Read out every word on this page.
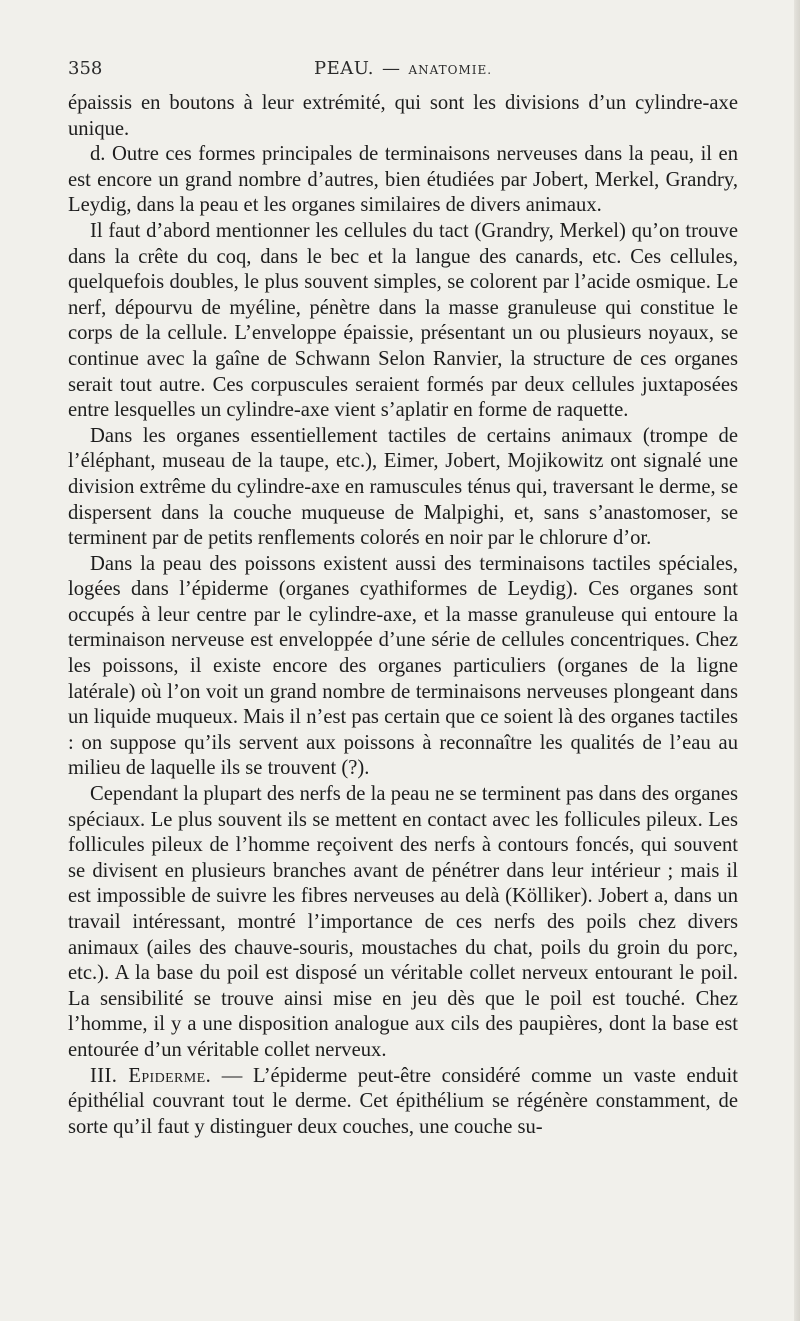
358	PEAU. — ANATOMIE.

épaissis en boutons à leur extrémité, qui sont les divisions d’un cylindre-axe unique.

d. Outre ces formes principales de terminaisons nerveuses dans la peau, il en est encore un grand nombre d’autres, bien étudiées par Jobert, Merkel, Grandry, Leydig, dans la peau et les organes similaires de divers animaux.

Il faut d’abord mentionner les cellules du tact (Grandry, Merkel) qu’on trouve dans la crête du coq, dans le bec et la langue des canards, etc. Ces cellules, quelquefois doubles, le plus souvent simples, se colorent par l’acide osmique. Le nerf, dépourvu de myéline, pénètre dans la masse granuleuse qui constitue le corps de la cellule. L’enveloppe épaissie, présentant un ou plusieurs noyaux, se continue avec la gaîne de Schwann Selon Ranvier, la structure de ces organes serait tout autre. Ces corpuscules seraient formés par deux cellules juxtaposées entre lesquelles un cylindre-axe vient s’aplatir en forme de raquette.

Dans les organes essentiellement tactiles de certains animaux (trompe de l’éléphant, museau de la taupe, etc.), Eimer, Jobert, Mojikowitz ont signalé une division extrême du cylindre-axe en ramuscules ténus qui, traversant le derme, se dispersent dans la couche muqueuse de Malpighi, et, sans s’anastomoser, se terminent par de petits renflements colorés en noir par le chlorure d’or.

Dans la peau des poissons existent aussi des terminaisons tactiles spéciales, logées dans l’épiderme (organes cyathiformes de Leydig). Ces organes sont occupés à leur centre par le cylindre-axe, et la masse granuleuse qui entoure la terminaison nerveuse est enveloppée d’une série de cellules concentriques. Chez les poissons, il existe encore des organes particuliers (organes de la ligne latérale) où l’on voit un grand nombre de terminaisons nerveuses plongeant dans un liquide muqueux. Mais il n’est pas certain que ce soient là des organes tactiles : on suppose qu’ils servent aux poissons à reconnaître les qualités de l’eau au milieu de laquelle ils se trouvent (?).

Cependant la plupart des nerfs de la peau ne se terminent pas dans des organes spéciaux. Le plus souvent ils se mettent en contact avec les follicules pileux. Les follicules pileux de l’homme reçoivent des nerfs à contours foncés, qui souvent se divisent en plusieurs branches avant de pénétrer dans leur intérieur ; mais il est impossible de suivre les fibres nerveuses au delà (Kölliker). Jobert a, dans un travail intéressant, montré l’importance de ces nerfs des poils chez divers animaux (ailes des chauve-souris, moustaches du chat, poils du groin du porc, etc.). A la base du poil est disposé un véritable collet nerveux entourant le poil. La sensibilité se trouve ainsi mise en jeu dès que le poil est touché. Chez l’homme, il y a une disposition analogue aux cils des paupières, dont la base est entourée d’un véritable collet nerveux.

III. Epiderme. — L’épiderme peut-être considéré comme un vaste enduit épithélial couvrant tout le derme. Cet épithélium se régénère constamment, de sorte qu’il faut y distinguer deux couches, une couche su-
